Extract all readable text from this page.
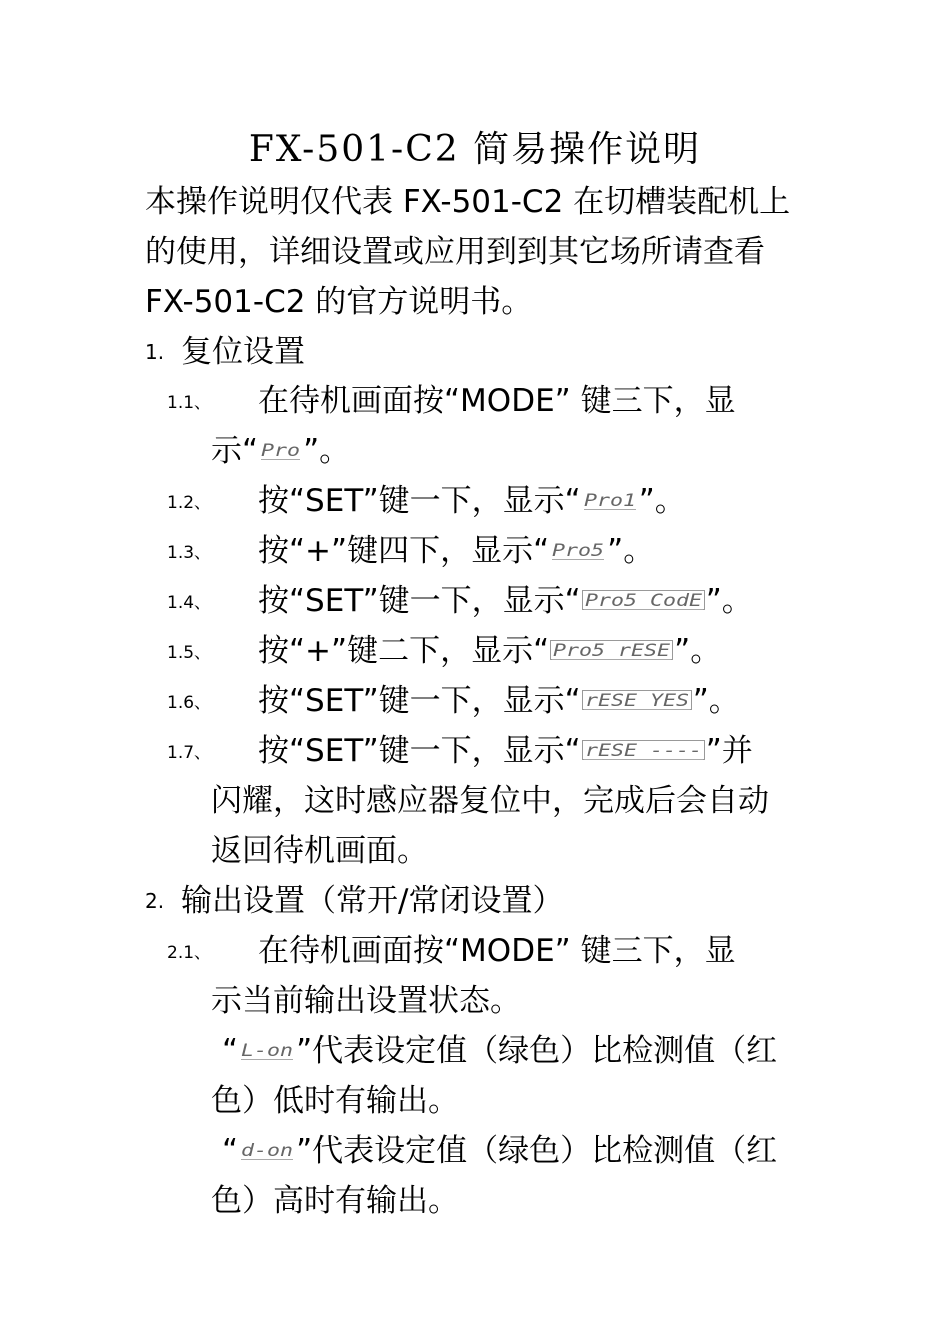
FX-501-C2 简易操作说明
本操作说明仅代表 FX-501-C2 在切槽装配机上
的使用，详细设置或应用到到其它场所请查看
FX-501-C2 的官方说明书。
1. 复位设置
1.1、 在待机画面按“MODE” 键三下，显
示“ Pro ”。
1.2、 按“SET”键一下，显示“ Pro1 ”。
1.3、 按“+”键四下，显示“ Pro5 ”。
1.4、 按“SET”键一下，显示“ Pro5 CodE ”。
1.5、 按“+”键二下，显示“ Pro5 rESE ”。
1.6、 按“SET”键一下，显示“ rESE YES ”。
1.7、 按“SET”键一下，显示“ rESE ---- ”并
闪耀，这时感应器复位中，完成后会自动
返回待机画面。
2. 输出设置（常开/常闭设置）
2.1、 在待机画面按“MODE” 键三下，显
示当前输出设置状态。
“ L-on ”代表设定值（绿色）比检测值（红
色）低时有输出。
“ d-on ”代表设定值（绿色）比检测值（红
色）高时有输出。
